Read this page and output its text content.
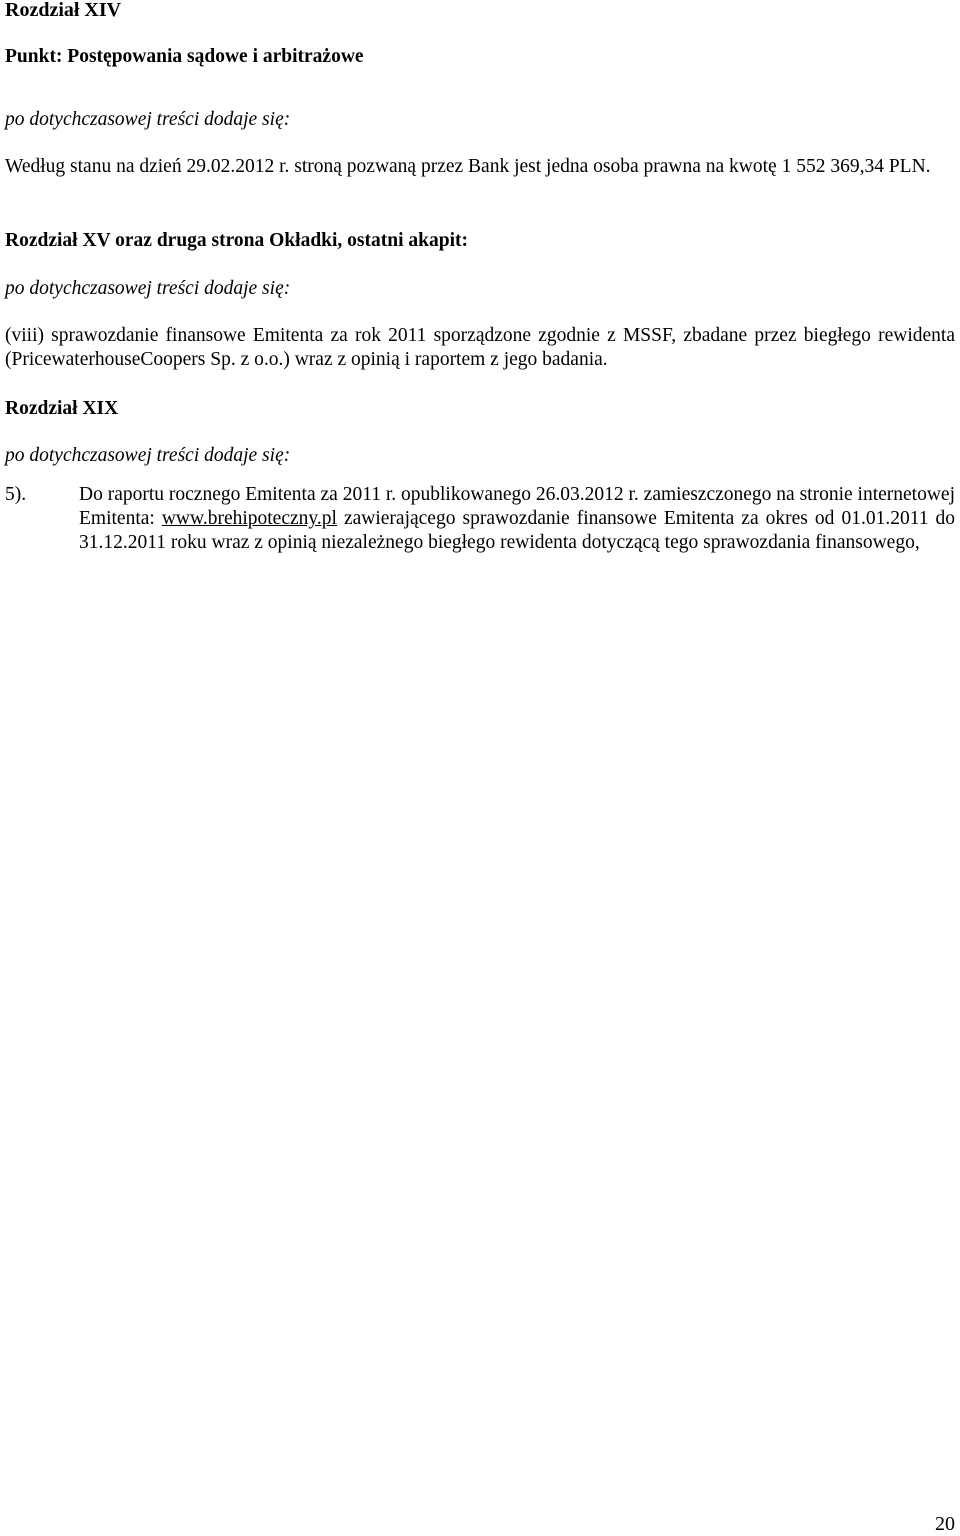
Rozdział XIV
Punkt: Postępowania sądowe i arbitrażowe
po dotychczasowej treści dodaje się:

Według stanu na dzień 29.02.2012 r. stroną pozwaną przez Bank jest jedna osoba prawna na kwotę 1 552 369,34 PLN.

Rozdział XV oraz druga strona Okładki, ostatni akapit:
po dotychczasowej treści dodaje się:

(viii) sprawozdanie finansowe Emitenta za rok 2011 sporządzone zgodnie z MSSF, zbadane przez biegłego rewidenta (PricewaterhouseCoopers Sp. z o.o.) wraz z opinią i raportem z jego badania.

Rozdział XIX
po dotychczasowej treści dodaje się:
5).	Do raportu rocznego Emitenta za 2011 r. opublikowanego 26.03.2012 r. zamieszczonego na stronie internetowej Emitenta: www.brehipoteczny.pl zawierającego sprawozdanie finansowe Emitenta za okres od 01.01.2011 do 31.12.2011 roku wraz z opinią niezależnego biegłego rewidenta dotyczącą tego sprawozdania finansowego,
20
